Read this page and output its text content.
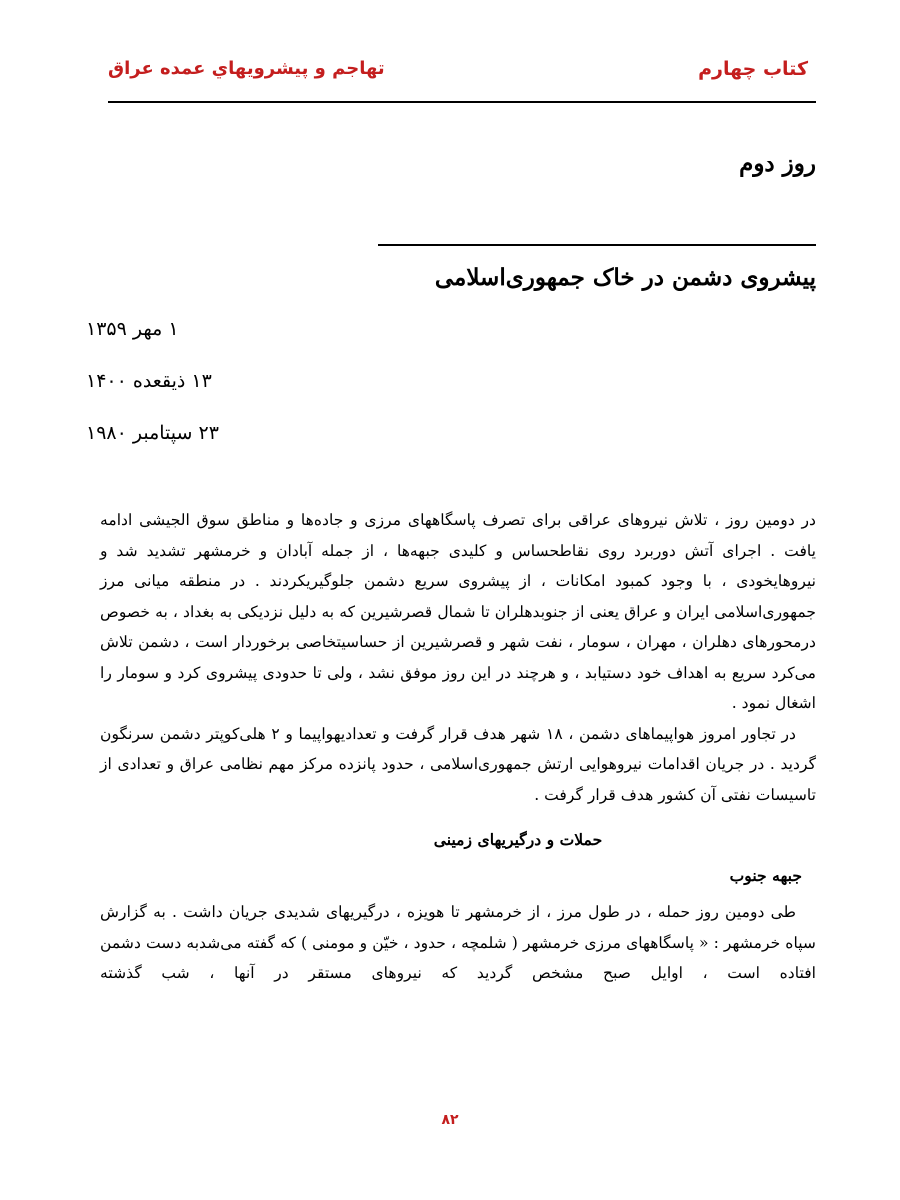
کتاب چهارم
تهاجم و پیشرویهاي عمده عراق
روز دوم
پیشروی دشمن در خاک جمهوری‌اسلامی
۱ مهر ۱۳۵۹
۱۳ ذیقعده ۱۴۰۰
۲۳ سپتامبر ۱۹۸۰

در دومین روز ، تلاش نیروهای عراقی برای تصرف پاسگاههای مرزی و جاده‌ها و مناطق سوق الجیشی ادامه یافت . اجرای آتش دوربرد روی نقاطحساس و کلیدی جبهه‌ها ، از جمله آبادان و خرمشهر تشدید شد و نیروهایخودی ، با وجود کمبود امکانات ، از پیشروی سریع دشمن جلوگیریکردند . در منطقه میانی مرز جمهوری‌اسلامی ایران و عراق یعنی از جنوبدهلران تا شمال قصرشیرین که به دلیل نزدیکی به بغداد ، به خصوص درمحورهای دهلران ، مهران ، سومار ، نفت شهر و قصرشیرین از حساسیتخاصی برخوردار است ، دشمن تلاش می‌کرد سریع به اهداف خود دستیابد ، و هرچند در این روز موفق نشد ، ولی تا حدودی پیشروی کرد و سومار را اشغال نمود .

در تجاور امروز هواپیماهای دشمن ، ۱۸ شهر هدف قرار گرفت و تعدادیهواپیما و ۲ هلی‌کوپتر دشمن سرنگون گردید . در جریان اقدامات نیروهوایی ارتش جمهوری‌اسلامی ، حدود پانزده مرکز مهم نظامی عراق و تعدادی از تاسیسات نفتی آن کشور هدف قرار گرفت .

حملات و درگیریهای زمینی
جبهه جنوب

طی دومین روز حمله ، در طول مرز ، از خرمشهر تا هویزه ، درگیریهای شدیدی جریان داشت . به گزارش سپاه خرمشهر : « پاسگاههای مرزی خرمشهر ( شلمچه ، حدود ، خیّن و مومنی ) که گفته می‌شدبه دست دشمن افتاده است ، اوایل صبح مشخص گردید که نیروهای مستقر در آنها ، شب گذشته

۸۲
